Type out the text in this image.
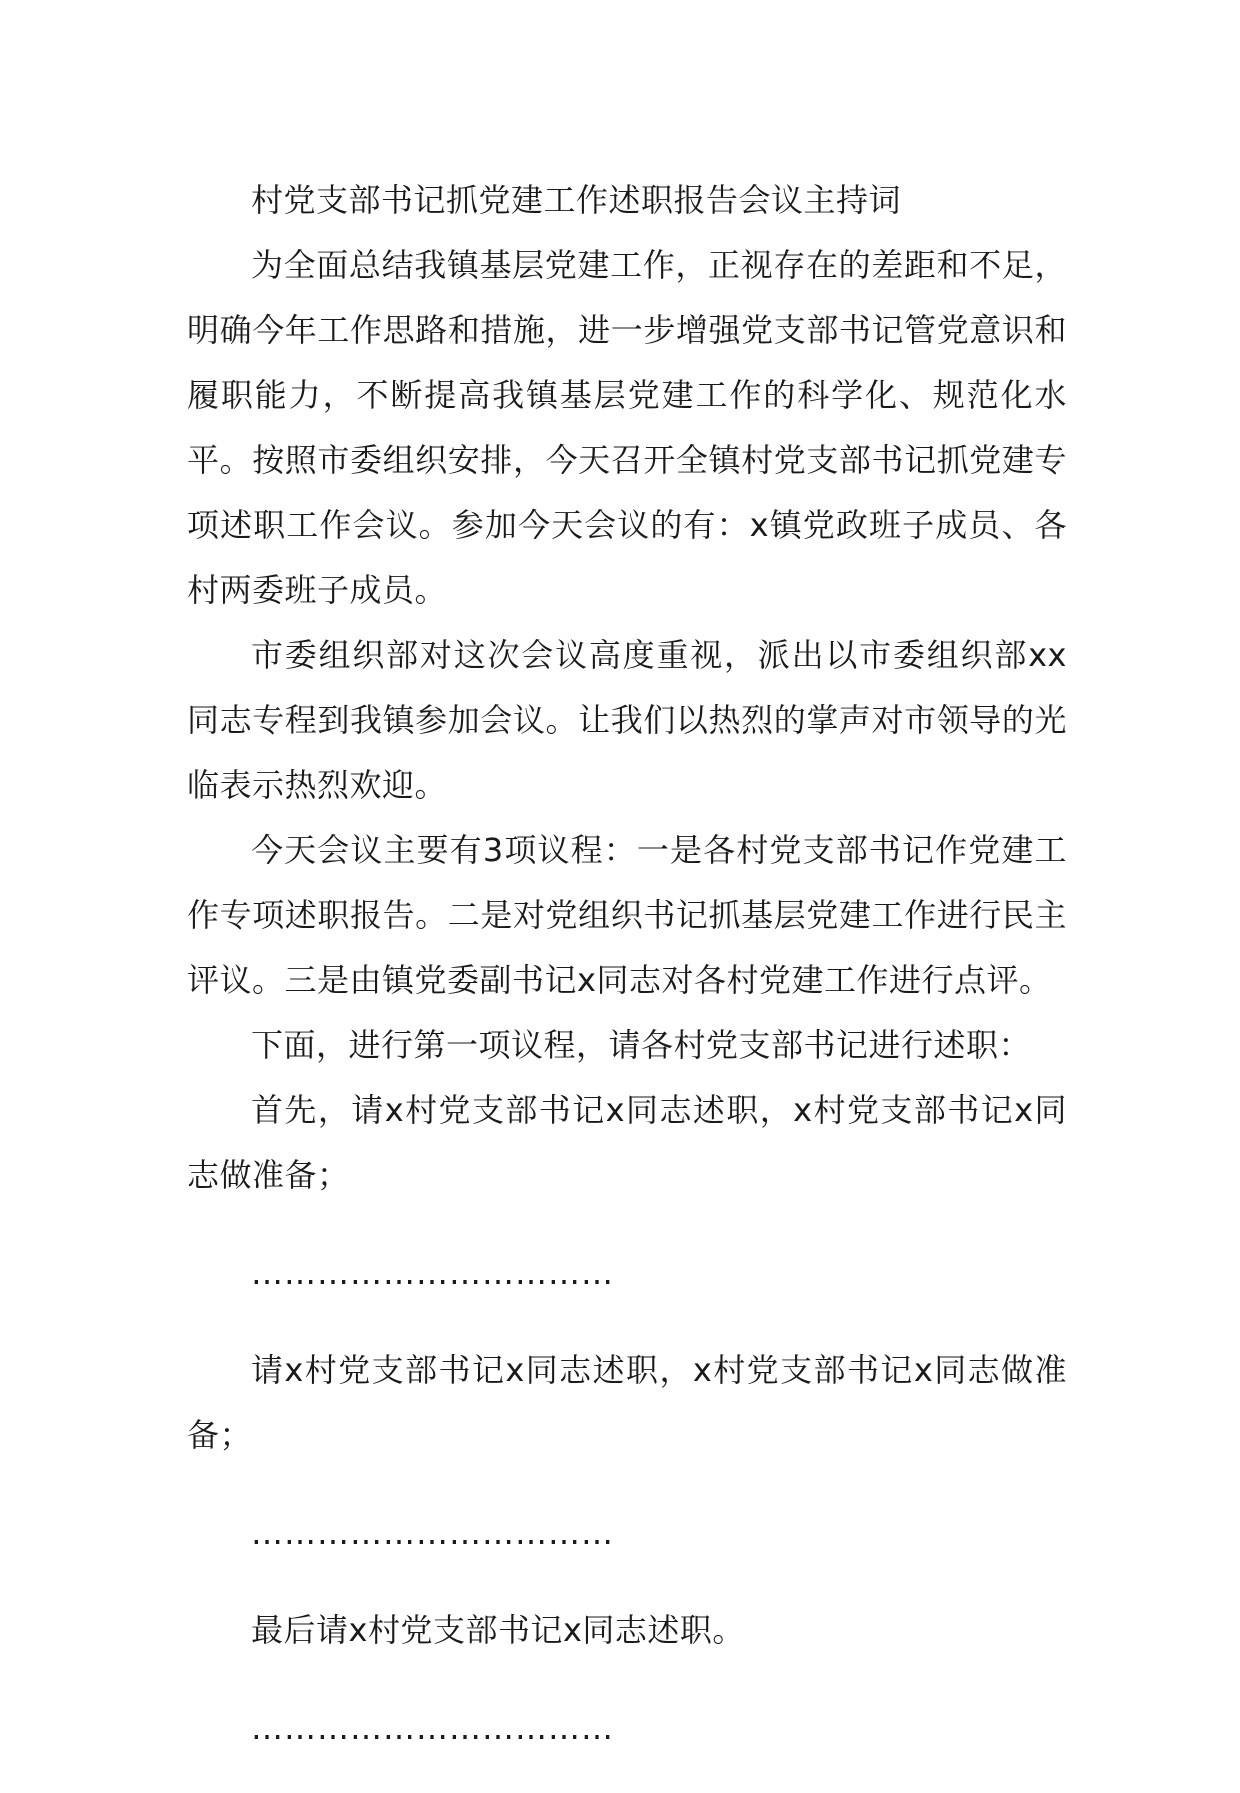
村党支部书记抓党建工作述职报告会议主持词

为全面总结我镇基层党建工作，正视存在的差距和不足，明确今年工作思路和措施，进一步增强党支部书记管党意识和履职能力，不断提高我镇基层党建工作的科学化、规范化水平。按照市委组织安排，今天召开全镇村党支部书记抓党建专项述职工作会议。参加今天会议的有：x镇党政班子成员、各村两委班子成员。

市委组织部对这次会议高度重视，派出以市委组织部xx同志专程到我镇参加会议。让我们以热烈的掌声对市领导的光临表示热烈欢迎。

今天会议主要有3项议程：一是各村党支部书记作党建工作专项述职报告。二是对党组织书记抓基层党建工作进行民主评议。三是由镇党委副书记x同志对各村党建工作进行点评。

下面，进行第一项议程，请各村党支部书记进行述职：

首先，请x村党支部书记x同志述职，x村党支部书记x同志做准备；

……………………………

请x村党支部书记x同志述职，x村党支部书记x同志做准备；

……………………………

最后请x村党支部书记x同志述职。

……………………………
